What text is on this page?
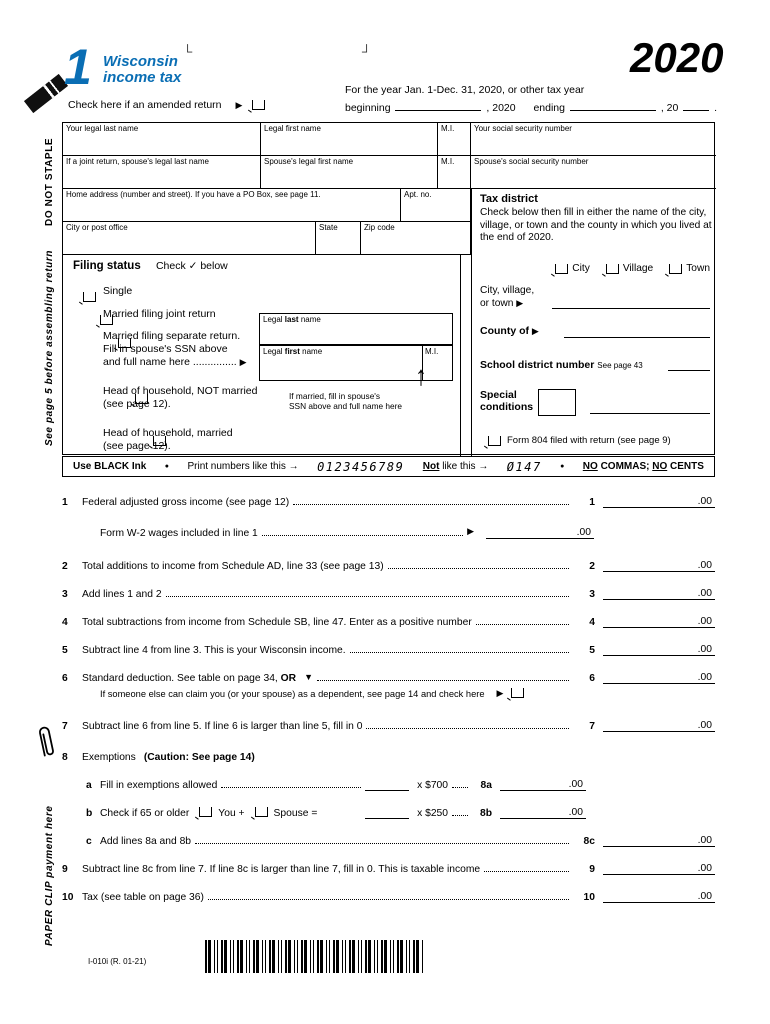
DO NOT STAPLE
See page 5 before assembling return
PAPER CLIP payment here
1 Wisconsin
income tax
└	┘	2020
For the year Jan. 1-Dec. 31, 2020, or other tax year
Check here if an amended return ▶	beginning	, 2020 ending	, 20	.
Your legal last name	Legal first name	M.I.
If a joint return, spouse's legal last name	Spouse's legal first name	M.I.
Home address (number and street). If you have a PO Box, see page 11.	Apt. no.
City or post office	State	Zip code
Your social security number
Spouse's social security number
Tax district
Check below then fill in either the name of the city, village, or town and the county in which you lived at the end of 2020.
City	Village	Town
City, village,
or town ▶
County of ▶
School district number See page 43
Special
conditions
Form 804 filed with return (see page 9)
Filing status Check ✓ below

Single

Married filing joint return

Married filing separate return.
Fill in spouse's SSN above
and full name here ............... ▶
Legal last name
Legal first name	M.I.

Head of household, NOT married
(see page 12).
If married, fill in spouse's
SSN above and full name here
↑
Head of household, married
(see page 12).
Use BLACK Ink	● Print numbers like this → 0123456789 Not like this → Ø147	● NO COMMAS; NO CENTS
1	Federal adjusted gross income (see page 12)	1	.00
Form W-2 wages included in line 1	▶	.00
2	Total additions to income from Schedule AD, line 33 (see page 13)	2	.00
3	Add lines 1 and 2	3	.00
4	Total subtractions from income from Schedule SB, line 47. Enter as a positive number	4	.00
5	Subtract line 4 from line 3. This is your Wisconsin income.	5	.00
6	Standard deduction. See table on page 34, OR ▼	6	.00
If someone else can claim you (or your spouse) as a dependent, see page 14 and check here ▶
7	Subtract line 6 from line 5. If line 6 is larger than line 5, fill in 0	7	.00
8	Exemptions (Caution: See page 14)
a Fill in exemptions allowed	x $700	8a	.00
b Check if 65 or older	You +	Spouse =	x $250	8b	.00
c Add lines 8a and 8b	8c	.00
9	Subtract line 8c from line 7. If line 8c is larger than line 7, fill in 0. This is taxable income	9	.00
10 Tax (see table on page 36)	10	.00
I-010i (R. 01-21)
